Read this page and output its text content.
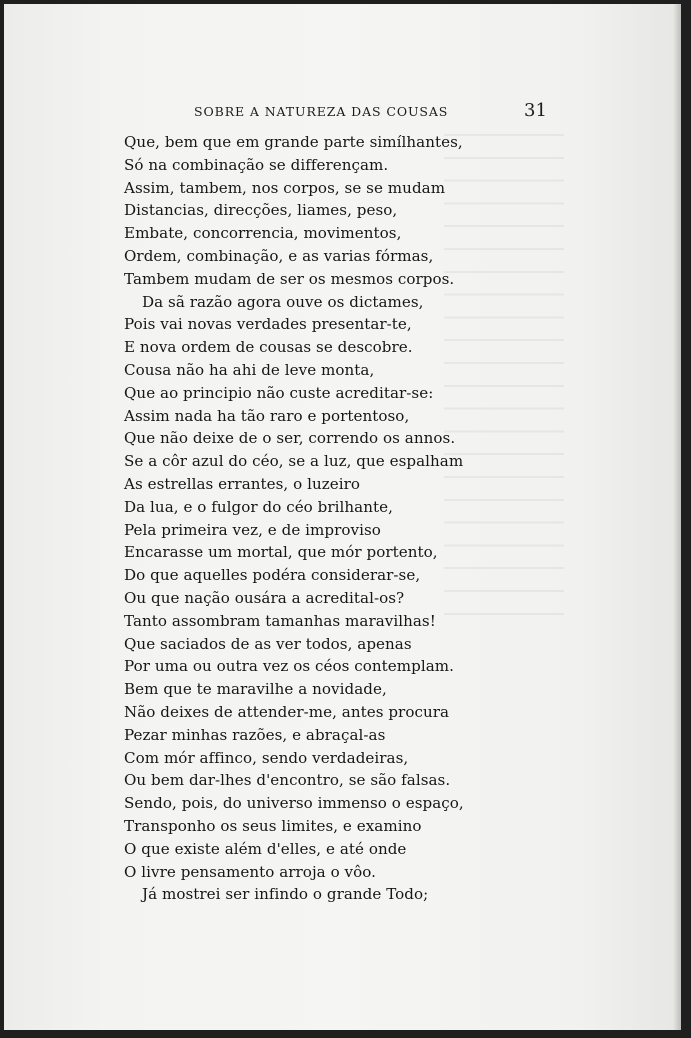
SOBRE A NATUREZA DAS COUSAS	31
Que, bem que em grande parte simílhantes,
Só na combinação se differençam.
Assim, tambem, nos corpos, se se mudam
Distancias, direcções, liames, peso,
Embate, concorrencia, movimentos,
Ordem, combinação, e as varias fórmas,
Tambem mudam de ser os mesmos corpos.
Da sã razão agora ouve os dictames,
Pois vai novas verdades presentar-te,
E nova ordem de cousas se descobre.
Cousa não ha ahi de leve monta,
Que ao principio não custe acreditar-se:
Assim nada ha tão raro e portentoso,
Que não deixe de o ser, correndo os annos.
Se a côr azul do céo, se a luz, que espalham
As estrellas errantes, o luzeiro
Da lua, e o fulgor do céo brilhante,
Pela primeira vez, e de improviso
Encarasse um mortal, que mór portento,
Do que aquelles podéra considerar-se,
Ou que nação ousára a acredital-os?
Tanto assombram tamanhas maravilhas!
Que saciados de as ver todos, apenas
Por uma ou outra vez os céos contemplam.
Bem que te maravilhe a novidade,
Não deixes de attender-me, antes procura
Pezar minhas razões, e abraçal-as
Com mór affinco, sendo verdadeiras,
Ou bem dar-lhes d'encontro, se são falsas.
Sendo, pois, do universo immenso o espaço,
Transponho os seus limites, e examino
O que existe além d'elles, e até onde
O livre pensamento arroja o vôo.
Já mostrei ser infindo o grande Todo;
